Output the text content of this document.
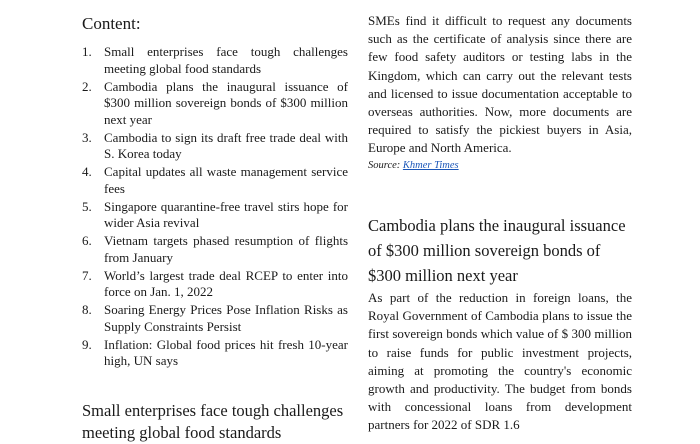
Content:
1. Small enterprises face tough challenges meeting global food standards
2. Cambodia plans the inaugural issuance of $300 million sovereign bonds of $300 million next year
3. Cambodia to sign its draft free trade deal with S. Korea today
4. Capital updates all waste management service fees
5. Singapore quarantine-free travel stirs hope for wider Asia revival
6. Vietnam targets phased resumption of flights from January
7. World’s largest trade deal RCEP to enter into force on Jan. 1, 2022
8. Soaring Energy Prices Pose Inflation Risks as Supply Constraints Persist
9. Inflation: Global food prices hit fresh 10-year high, UN says
Small enterprises face tough challenges meeting global food standards

SMEs find it difficult to request any documents such as the certificate of analysis since there are few food safety auditors or testing labs in the Kingdom, which can carry out the relevant tests and licensed to issue documentation acceptable to overseas authorities. Now, more documents are required to satisfy the pickiest buyers in Asia, Europe and North America.

Source: Khmer Times
Cambodia plans the inaugural issuance of $300 million sovereign bonds of $300 million next year

As part of the reduction in foreign loans, the Royal Government of Cambodia plans to issue the first sovereign bonds which value of $ 300 million to raise funds for public investment projects, aiming at promoting the country's economic growth and productivity. The budget from bonds with concessional loans from development partners for 2022 of SDR 1.6
